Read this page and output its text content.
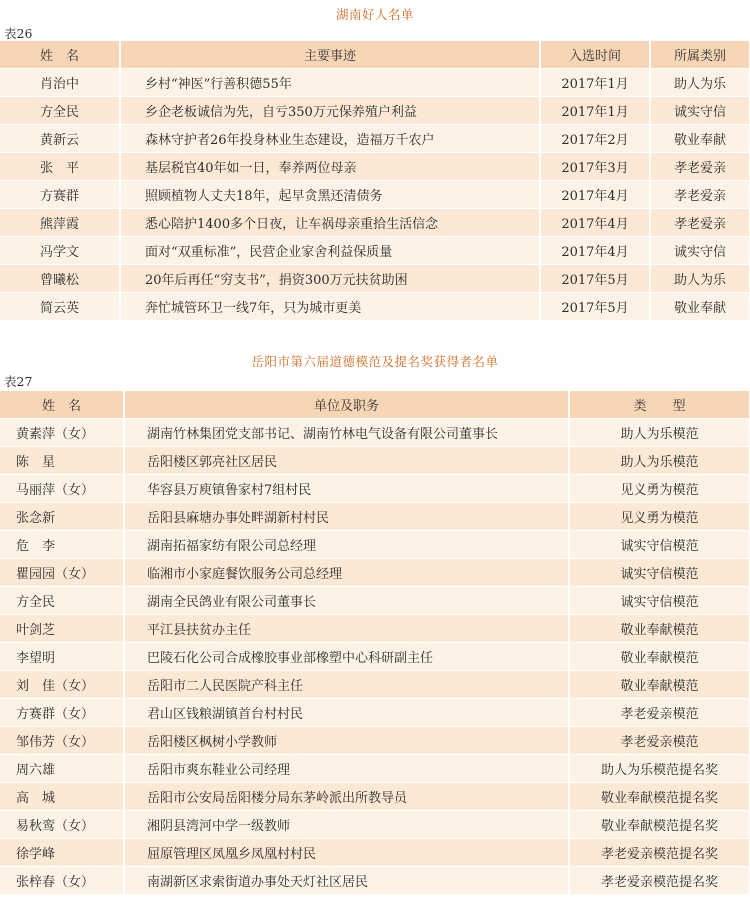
湖南好人名单
表26
姓　名	主要事迹	入选时间	所属类别
肖治中	乡村“神医”行善积德55年	2017年1月	助人为乐
方全民	乡企老板诚信为先，自亏350万元保养殖户利益	2017年1月	诚实守信
黄新云	森林守护者26年投身林业生态建设，造福万千农户	2017年2月	敬业奉献
张　平	基层税官40年如一日，奉养两位母亲	2017年3月	孝老爱亲
方赛群	照顾植物人丈夫18年，起早贪黑还清债务	2017年4月	孝老爱亲
熊萍霞	悉心陪护1400多个日夜，让车祸母亲重拾生活信念	2017年4月	孝老爱亲
冯学文	面对“双重标准”，民营企业家舍利益保质量	2017年4月	诚实守信
曾曦松	20年后再任“穷支书”，捐资300万元扶贫助困	2017年5月	助人为乐
简云英	奔忙城管环卫一线7年，只为城市更美	2017年5月	敬业奉献
岳阳市第六届道德模范及提名奖获得者名单
表27
姓　名	单位及职务	类　　型
黄素萍（女）	湖南竹林集团党支部书记、湖南竹林电气设备有限公司董事长	助人为乐模范
陈　星	岳阳楼区郭亮社区居民	助人为乐模范
马丽萍（女）	华容县万庾镇鲁家村7组村民	见义勇为模范
张念新	岳阳县麻塘办事处畔湖新村村民	见义勇为模范
危　李	湖南拓福家纺有限公司总经理	诚实守信模范
瞿园园（女）	临湘市小家庭餐饮服务公司总经理	诚实守信模范
方全民	湖南全民鸽业有限公司董事长	诚实守信模范
叶剑芝	平江县扶贫办主任	敬业奉献模范
李望明	巴陵石化公司合成橡胶事业部橡塑中心科研副主任	敬业奉献模范
刘　佳（女）	岳阳市二人民医院产科主任	敬业奉献模范
方赛群（女）	君山区钱粮湖镇首台村村民	孝老爱亲模范
邹伟芳（女）	岳阳楼区枫树小学教师	孝老爱亲模范
周六雄	岳阳市爽东鞋业公司经理	助人为乐模范提名奖
高　城	岳阳市公安局岳阳楼分局东茅岭派出所教导员	敬业奉献模范提名奖
易秋鸾（女）	湘阴县湾河中学一级教师	敬业奉献模范提名奖
徐学峰	屈原管理区凤凰乡凤凰村村民	孝老爱亲模范提名奖
张梓春（女）	南湖新区求索街道办事处天灯社区居民	孝老爱亲模范提名奖
